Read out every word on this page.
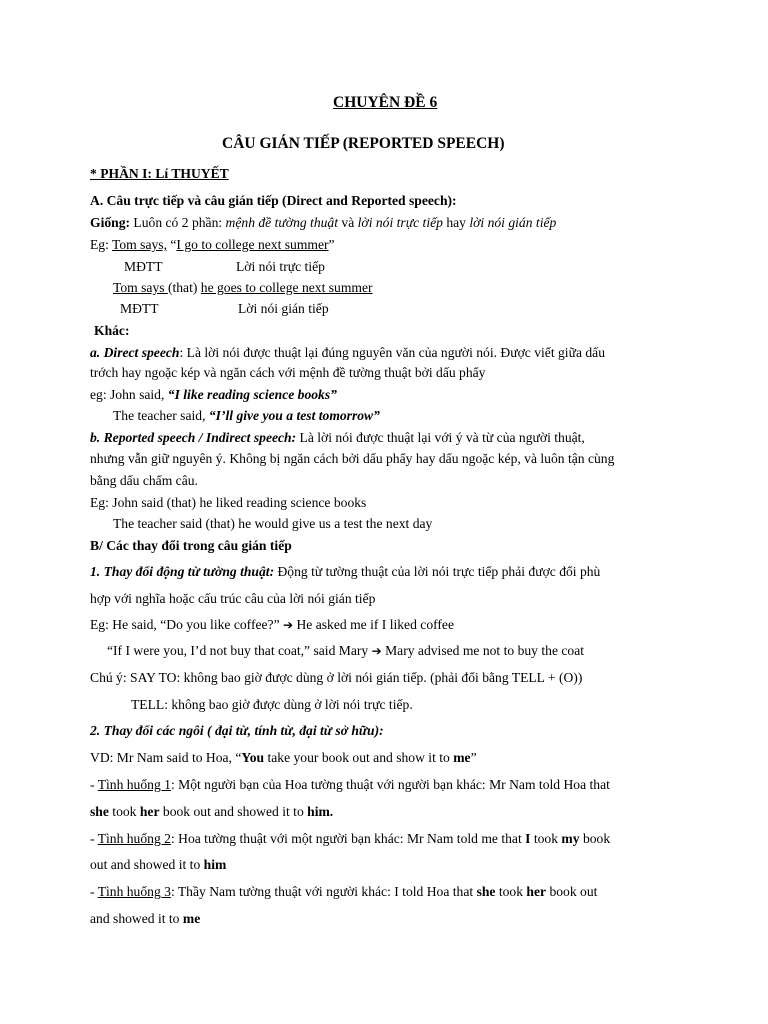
CHUYÊN ĐỀ 6
CÂU GIÁN TIẾP (REPORTED SPEECH)
* PHẦN I: Lí THUYẾT
A. Câu trực tiếp và câu gián tiếp (Direct and Reported speech):
Giống: Luôn có 2 phần: mệnh đề tường thuật và lời nói trực tiếp hay lời nói gián tiếp
Eg: Tom says, “I go to college next summer”
MĐTT	Lời nói trực tiếp
Tom says (that) he goes to college next summer
MĐTT	Lời nói gián tiếp
Khác:
a. Direct speech: Là lời nói được thuật lại đúng nguyên văn của người nói. Được viết giữa dấu
trớch hay ngoặc kép và ngăn cách với mệnh đề tường thuật bởi dấu phẩy
eg: John said, “I like reading science books”
The teacher said, “I’ll give you a test tomorrow”
b. Reported speech / Indirect speech: Là lời nói được thuật lại với ý và từ của người thuật,
nhưng vẫn giữ nguyên ý. Không bị ngăn cách bởi dấu phẩy hay dấu ngoặc kép, và luôn tận cùng
bằng dấu chấm câu.
Eg: John said (that) he liked reading science books
The teacher said (that) he would give us a test the next day
B/ Các thay đổi trong câu gián tiếp
1. Thay đổi động từ tường thuật: Động từ tường thuật của lời nói trực tiếp phải được đổi phù
hợp với nghĩa hoặc cấu trúc câu của lời nói gián tiếp
Eg: He said, “Do you like coffee?” ➔ He asked me if I liked coffee
“If I were you, I’d not buy that coat,” said Mary ➔ Mary advised me not to buy the coat
Chú ý: SAY TO: không bao giờ được dùng ở lời nói gián tiếp. (phải đổi bằng TELL + (O))
TELL: không bao giờ được dùng ở lời nói trực tiếp.
2. Thay đổi các ngôi ( đại từ, tính từ, đại từ sở hữu):
VD: Mr Nam said to Hoa, “You take your book out and show it to me”
- Tình huống 1: Một người bạn của Hoa tường thuật với người bạn khác: Mr Nam told Hoa that
she took her book out and showed it to him.
- Tình huống 2: Hoa tường thuật với một người bạn khác: Mr Nam told me that I took my book
out and showed it to him
- Tình huống 3: Thầy Nam tường thuật với người khác: I told Hoa that she took her book out
and showed it to me
